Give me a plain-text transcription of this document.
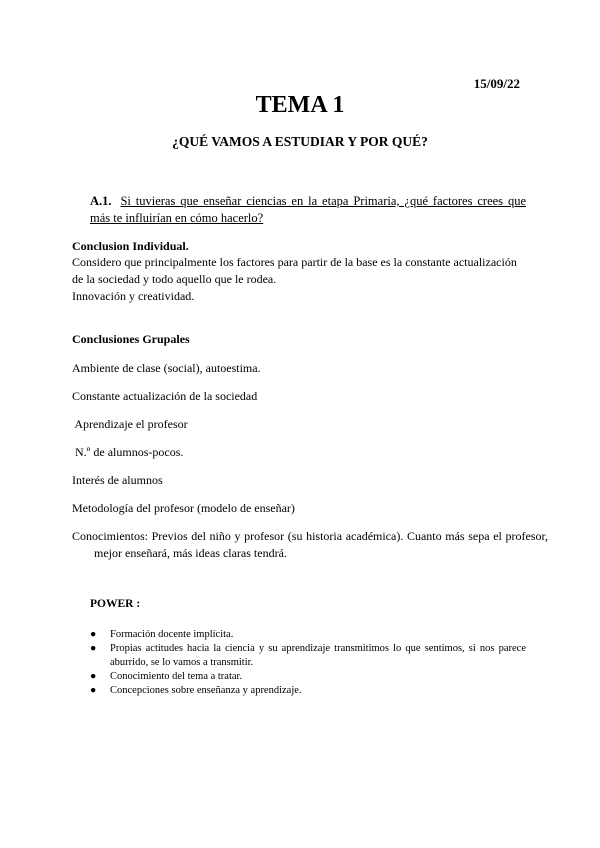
15/09/22
TEMA 1
¿QUÉ VAMOS A ESTUDIAR Y POR QUÉ?
A.1. Si tuvieras que enseñar ciencias en la etapa Primaria, ¿qué factores crees que más te influirían en cómo hacerlo?
Conclusion Individual.
Considero que principalmente los factores para partir de la base es la constante actualización de la sociedad y todo aquello que le rodea.
Innovación y creatividad.
Conclusiones Grupales
Ambiente de clase (social), autoestima.
Constante actualización de la sociedad
Aprendizaje el profesor
N.º de alumnos-pocos.
Interés de alumnos
Metodología del profesor (modelo de enseñar)
Conocimientos: Previos del niño y profesor (su historia académica). Cuanto más sepa el profesor, mejor enseñará, más ideas claras tendrá.
POWER :
● Formación docente implícita.
● Propias actitudes hacia la ciencia y su aprendizaje transmitimos lo que sentimos, si nos parece aburrido, se lo vamos a transmitir.
● Conocimiento del tema a tratar.
● Concepciones sobre enseñanza y aprendizaje.
